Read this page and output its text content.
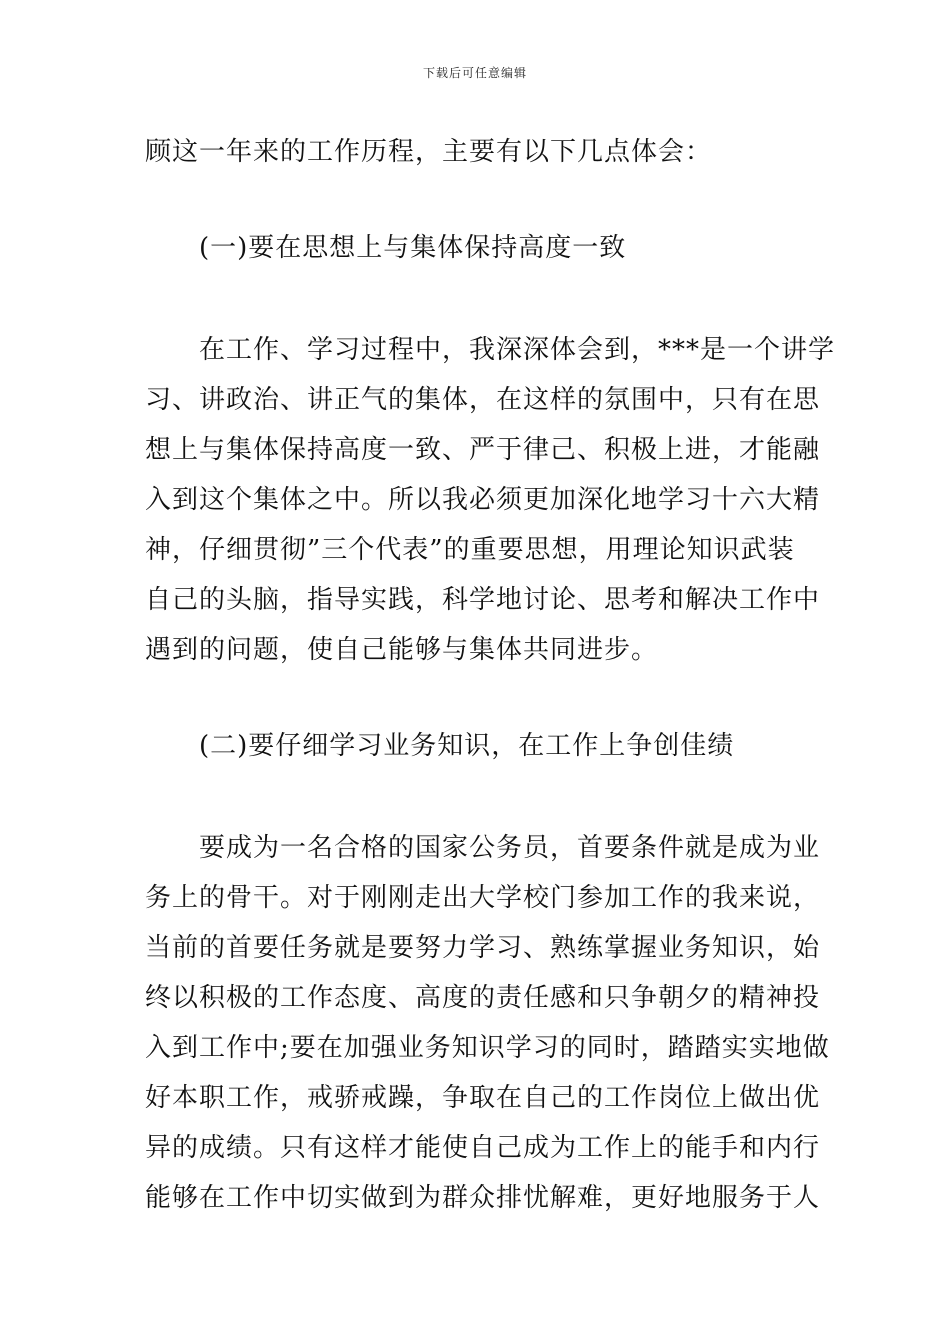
下载后可任意编辑
顾这一年来的工作历程，主要有以下几点体会：
(一)要在思想上与集体保持高度一致
在工作、学习过程中，我深深体会到，***是一个讲学
习、讲政治、讲正气的集体，在这样的氛围中，只有在思
想上与集体保持高度一致、严于律己、积极上进，才能融
入到这个集体之中。所以我必须更加深化地学习十六大精
神，仔细贯彻”三个代表”的重要思想，用理论知识武装
自己的头脑，指导实践，科学地讨论、思考和解决工作中
遇到的问题，使自己能够与集体共同进步。
(二)要仔细学习业务知识，在工作上争创佳绩
要成为一名合格的国家公务员，首要条件就是成为业
务上的骨干。对于刚刚走出大学校门参加工作的我来说，
当前的首要任务就是要努力学习、熟练掌握业务知识，始
终以积极的工作态度、高度的责任感和只争朝夕的精神投
入到工作中;要在加强业务知识学习的同时，踏踏实实地做
好本职工作，戒骄戒躁，争取在自己的工作岗位上做出优
异的成绩。只有这样才能使自己成为工作上的能手和内行
能够在工作中切实做到为群众排忧解难，更好地服务于人
